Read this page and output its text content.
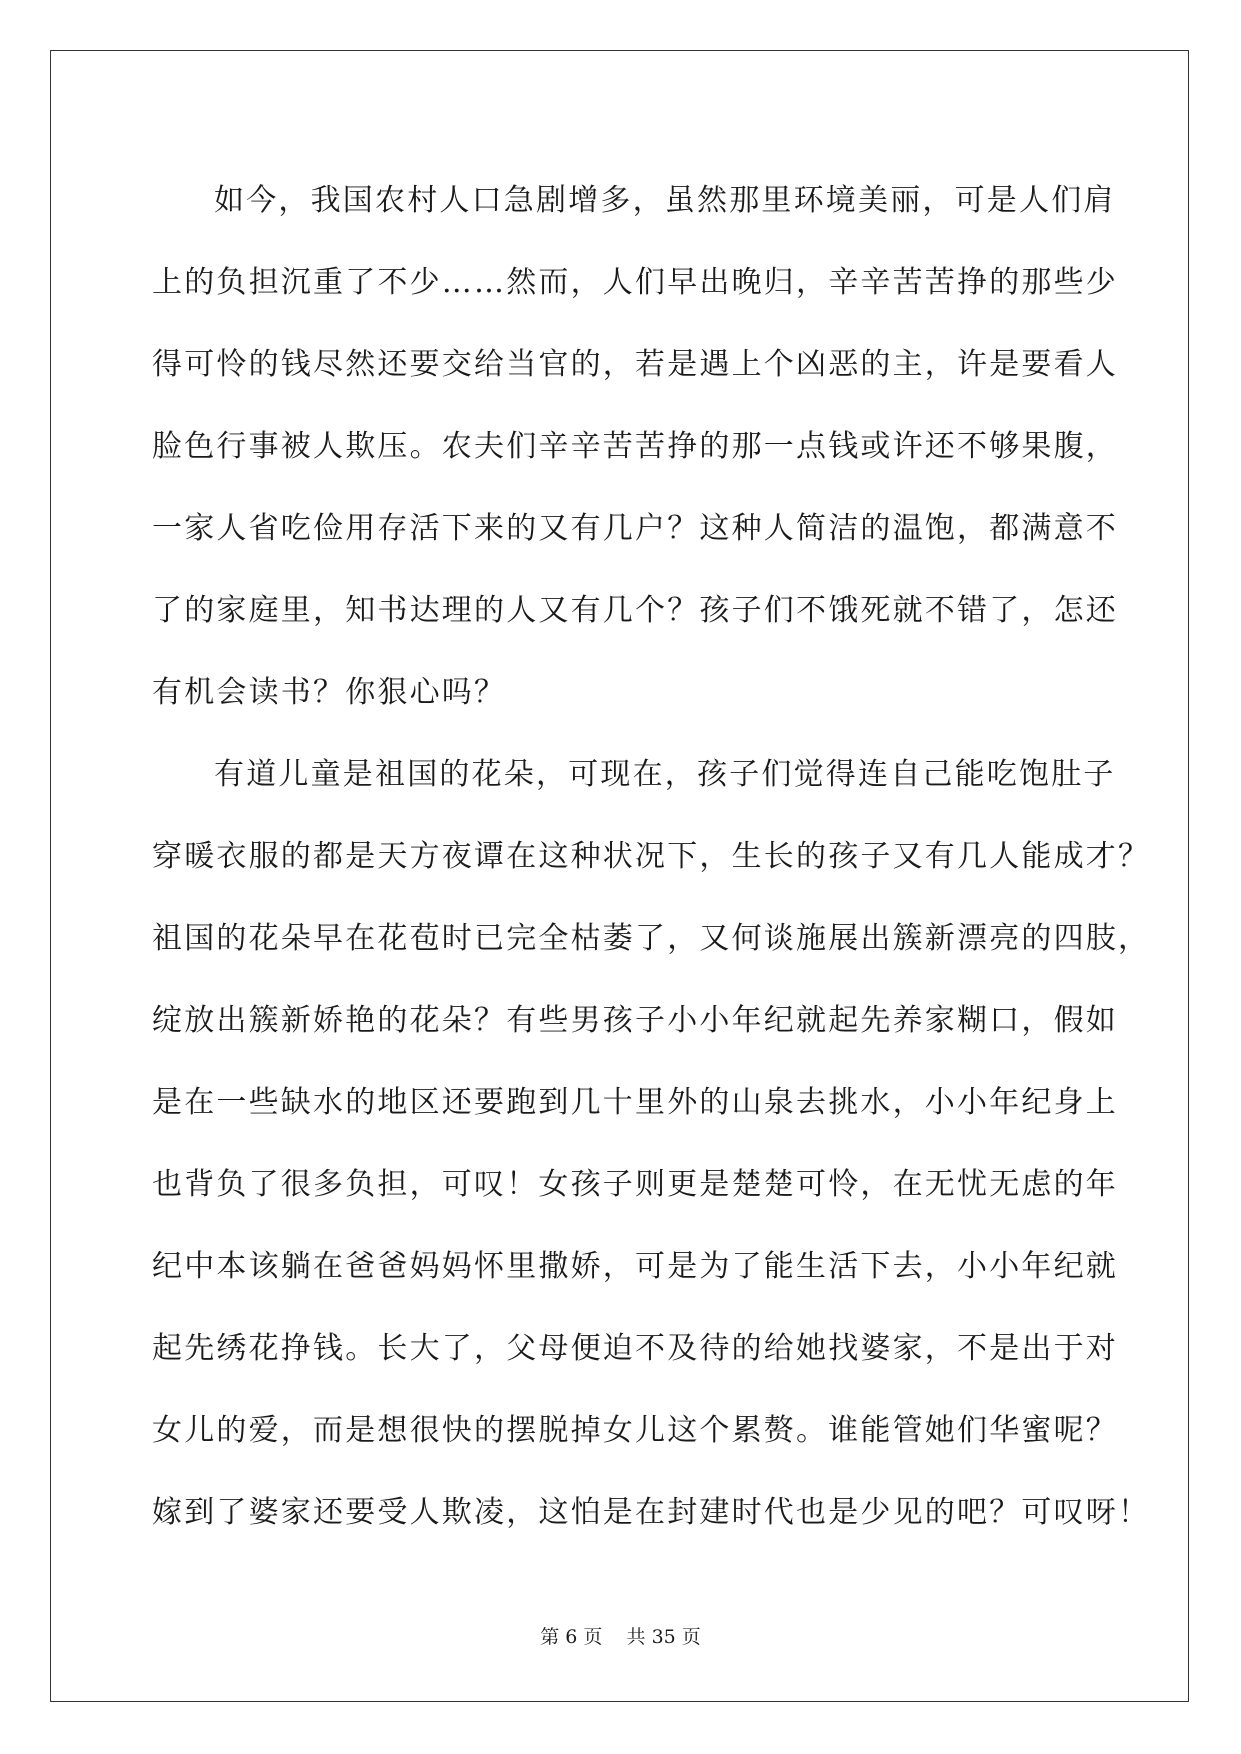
如今，我国农村人口急剧增多，虽然那里环境美丽，可是人们肩
上的负担沉重了不少……然而，人们早出晚归，辛辛苦苦挣的那些少
得可怜的钱尽然还要交给当官的，若是遇上个凶恶的主，许是要看人
脸色行事被人欺压。农夫们辛辛苦苦挣的那一点钱或许还不够果腹，
一家人省吃俭用存活下来的又有几户？这种人简洁的温饱，都满意不
了的家庭里，知书达理的人又有几个？孩子们不饿死就不错了，怎还
有机会读书？你狠心吗？
有道儿童是祖国的花朵，可现在，孩子们觉得连自己能吃饱肚子
穿暖衣服的都是天方夜谭在这种状况下，生长的孩子又有几人能成才？
祖国的花朵早在花苞时已完全枯萎了，又何谈施展出簇新漂亮的四肢，
绽放出簇新娇艳的花朵？有些男孩子小小年纪就起先养家糊口，假如
是在一些缺水的地区还要跑到几十里外的山泉去挑水，小小年纪身上
也背负了很多负担，可叹！女孩子则更是楚楚可怜，在无忧无虑的年
纪中本该躺在爸爸妈妈怀里撒娇，可是为了能生活下去，小小年纪就
起先绣花挣钱。长大了，父母便迫不及待的给她找婆家，不是出于对
女儿的爱，而是想很快的摆脱掉女儿这个累赘。谁能管她们华蜜呢？
嫁到了婆家还要受人欺凌，这怕是在封建时代也是少见的吧？可叹呀！
第 6 页    共 35 页
